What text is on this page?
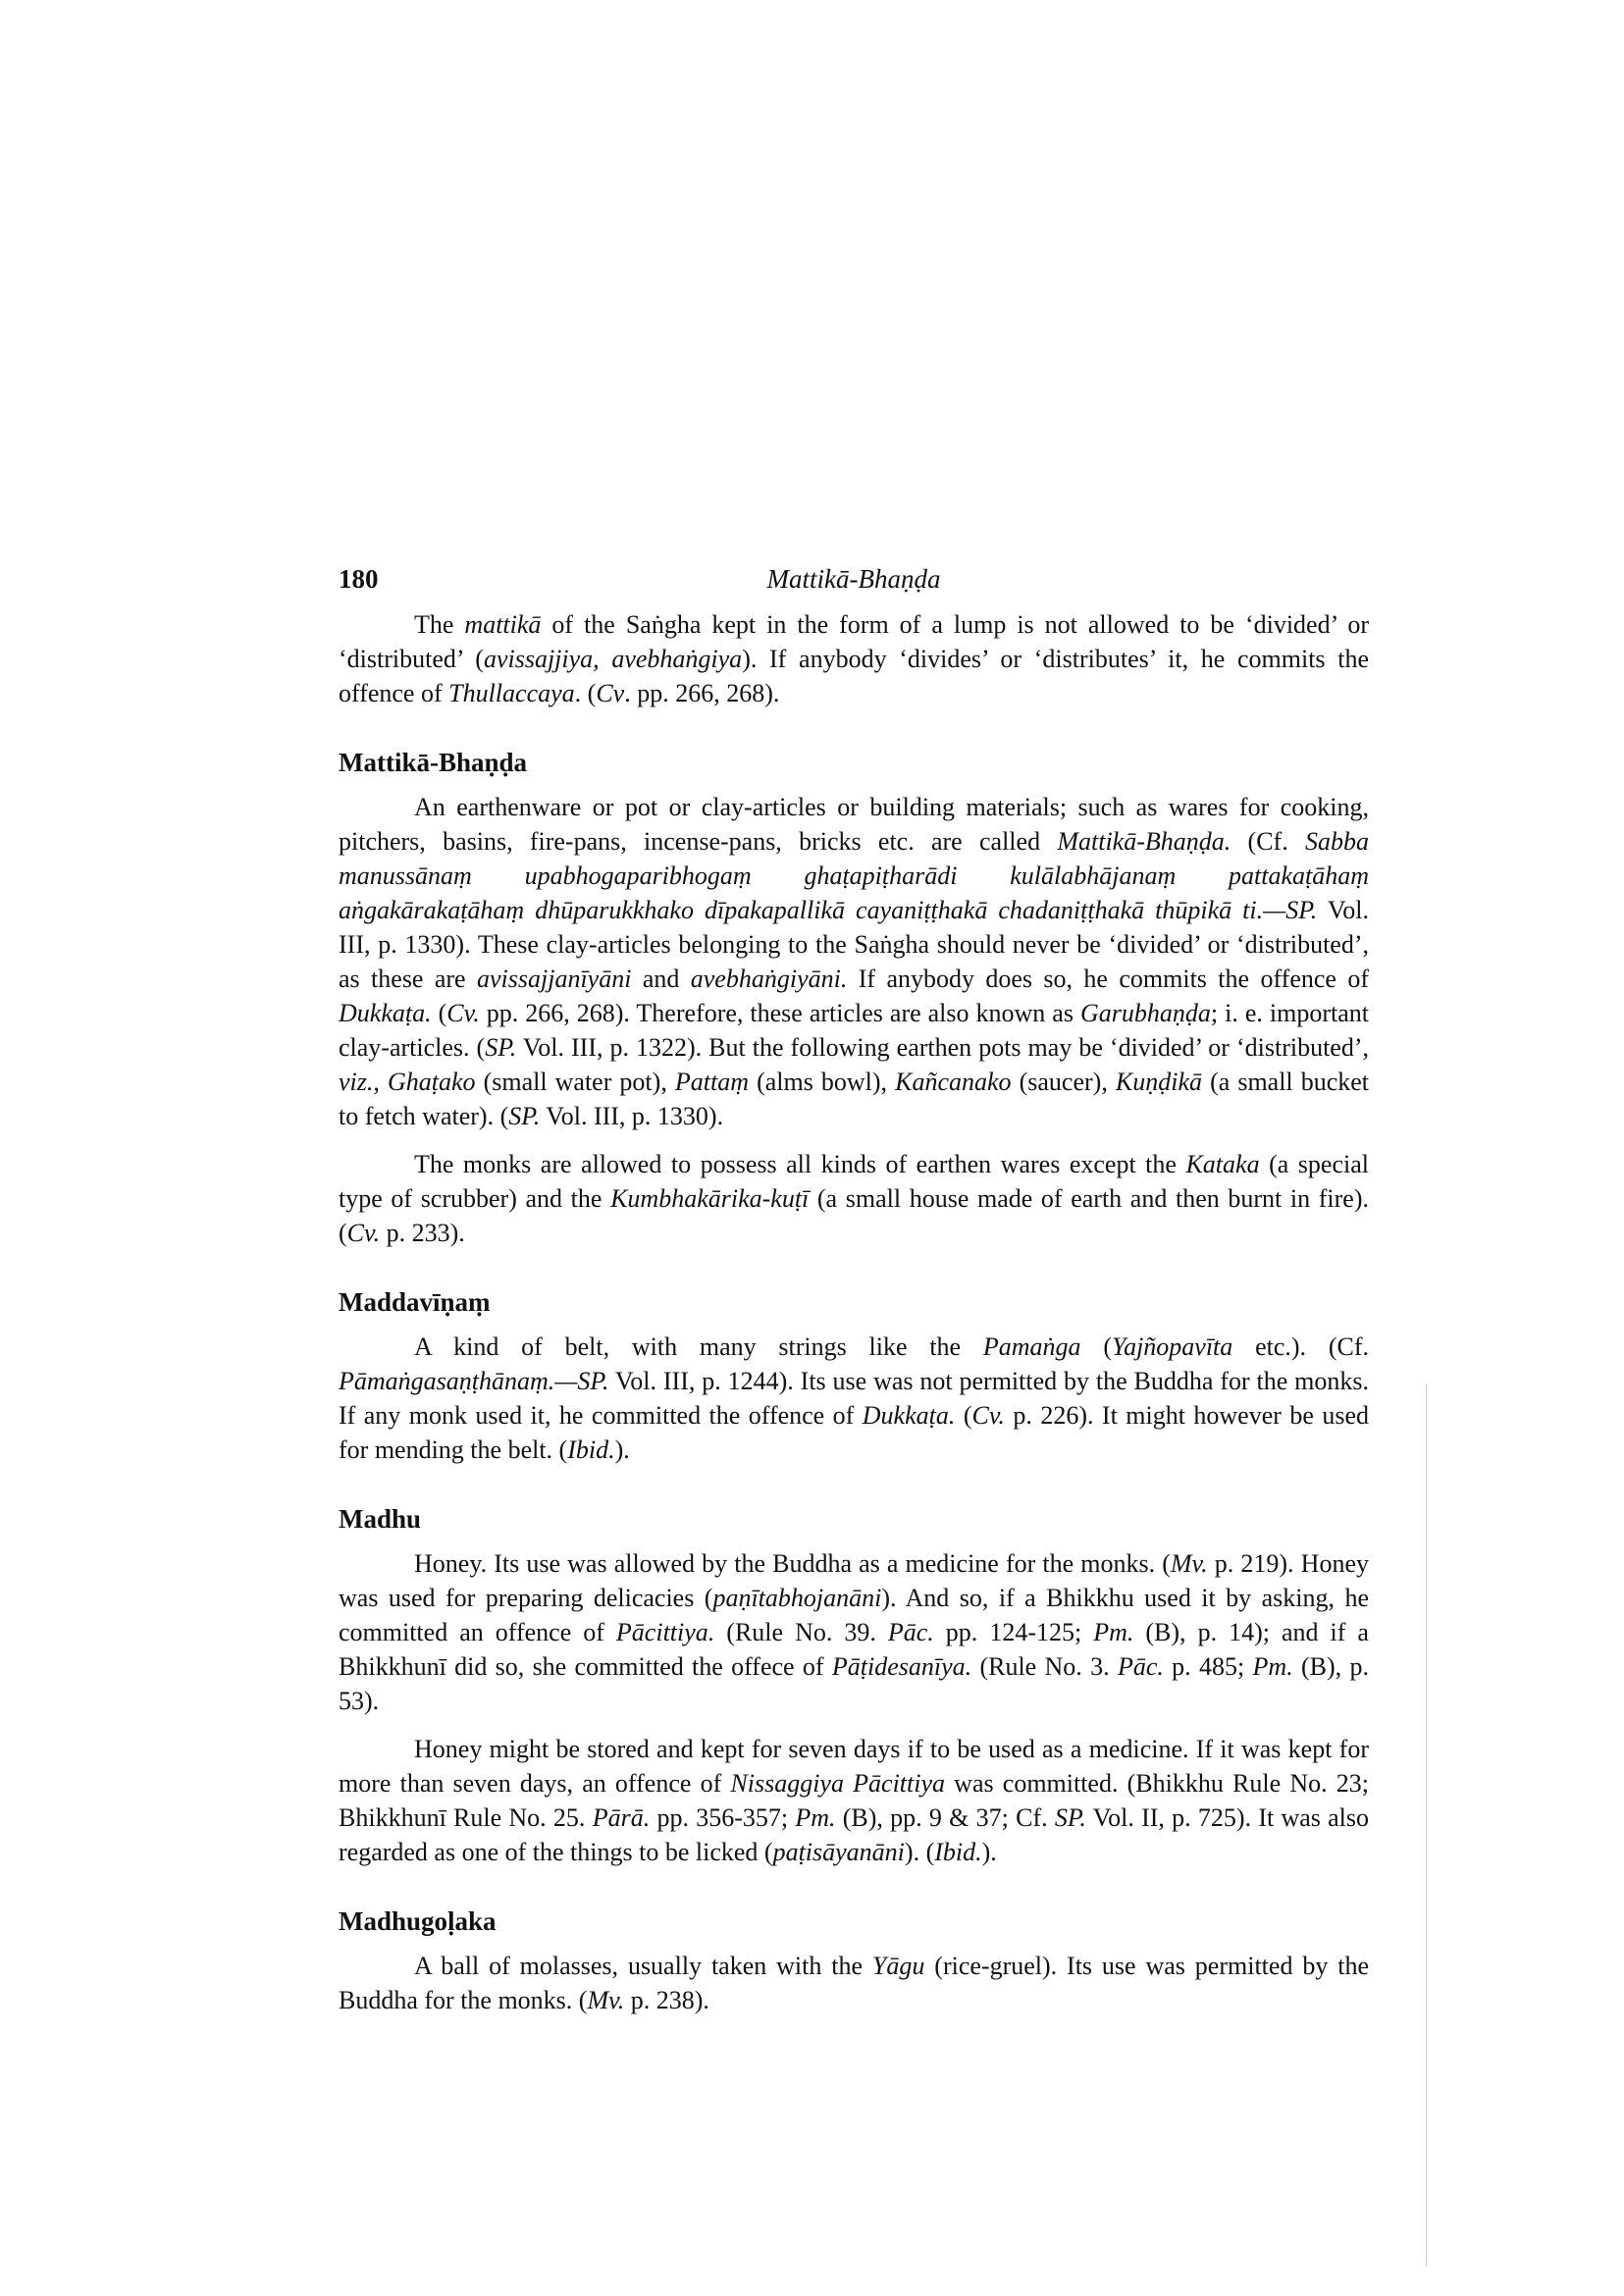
180	Mattikā-Bhaṇḍa

The mattikā of the Saṅgha kept in the form of a lump is not allowed to be ‘divided’ or ‘distributed’ (avissajjiya, avebhaṅgiya). If anybody ‘divides’ or ‘distributes’ it, he commits the offence of Thullaccaya. (Cv. pp. 266, 268).

Mattikā-Bhaṇḍa

An earthenware or pot or clay-articles or building materials; such as wares for cooking, pitchers, basins, fire-pans, incense-pans, bricks etc. are called Mattikā-Bhaṇḍa. (Cf. Sabba manussānaṃ upabhogaparibhogaṃ ghaṭapiṭharādi kulālabhājanaṃ pattakaṭāhaṃ aṅgakārakaṭāhaṃ dhūparukkhako dīpakapallikā cayaniṭṭhakā chadaniṭṭhakā thūpikā ti.—SP. Vol. III, p. 1330). These clay-articles belonging to the Saṅgha should never be ‘divided’ or ‘distributed’, as these are avissajjanīyāni and avebhaṅgiyāni. If anybody does so, he commits the offence of Dukkaṭa. (Cv. pp. 266, 268). Therefore, these articles are also known as Garubhaṇḍa; i. e. important clay-articles. (SP. Vol. III, p. 1322). But the following earthen pots may be ‘divided’ or ‘distributed’, viz., Ghaṭako (small water pot), Pattaṃ (alms bowl), Kañcanako (saucer), Kuṇḍikā (a small bucket to fetch water). (SP. Vol. III, p. 1330).

The monks are allowed to possess all kinds of earthen wares except the Kataka (a special type of scrubber) and the Kumbhakārika-kuṭī (a small house made of earth and then burnt in fire). (Cv. p. 233).

Maddavīṇaṃ

A kind of belt, with many strings like the Pamaṅga (Yajñopavīta etc.). (Cf. Pāmaṅgasaṇṭhānaṃ.—SP. Vol. III, p. 1244). Its use was not permitted by the Buddha for the monks. If any monk used it, he committed the offence of Dukkaṭa. (Cv. p. 226). It might however be used for mending the belt. (Ibid.).

Madhu

Honey. Its use was allowed by the Buddha as a medicine for the monks. (Mv. p. 219). Honey was used for preparing delicacies (paṇītabhojanāni). And so, if a Bhikkhu used it by asking, he committed an offence of Pācittiya. (Rule No. 39. Pāc. pp. 124-125; Pm. (B), p. 14); and if a Bhikkhunī did so, she committed the offece of Pāṭidesanīya. (Rule No. 3. Pāc. p. 485; Pm. (B), p. 53).

Honey might be stored and kept for seven days if to be used as a medicine. If it was kept for more than seven days, an offence of Nissaggiya Pācittiya was committed. (Bhikkhu Rule No. 23; Bhikkhunī Rule No. 25. Pārā. pp. 356-357; Pm. (B), pp. 9 & 37; Cf. SP. Vol. II, p. 725). It was also regarded as one of the things to be licked (paṭisāyanāni). (Ibid.).

Madhugoḷaka

A ball of molasses, usually taken with the Yāgu (rice-gruel). Its use was permitted by the Buddha for the monks. (Mv. p. 238).
